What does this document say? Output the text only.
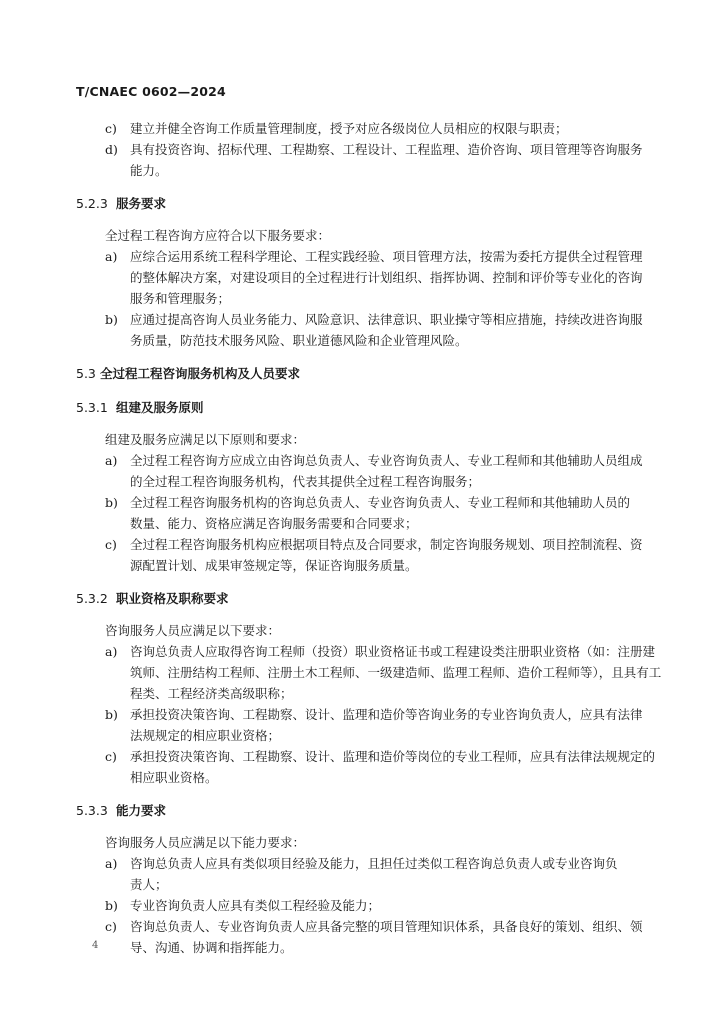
T/CNAEC 0602—2024
c) 建立并健全咨询工作质量管理制度，授予对应各级岗位人员相应的权限与职责；
d) 具有投资咨询、招标代理、工程勘察、工程设计、工程监理、造价咨询、项目管理等咨询服务
能力。
5.2.3 服务要求
全过程工程咨询方应符合以下服务要求：
a) 应综合运用系统工程科学理论、工程实践经验、项目管理方法，按需为委托方提供全过程管理
的整体解决方案，对建设项目的全过程进行计划组织、指挥协调、控制和评价等专业化的咨询
服务和管理服务；
b) 应通过提高咨询人员业务能力、风险意识、法律意识、职业操守等相应措施，持续改进咨询服
务质量，防范技术服务风险、职业道德风险和企业管理风险。
5.3 全过程工程咨询服务机构及人员要求
5.3.1 组建及服务原则
组建及服务应满足以下原则和要求：
a) 全过程工程咨询方应成立由咨询总负责人、专业咨询负责人、专业工程师和其他辅助人员组成
的全过程工程咨询服务机构，代表其提供全过程工程咨询服务；
b) 全过程工程咨询服务机构的咨询总负责人、专业咨询负责人、专业工程师和其他辅助人员的
数量、能力、资格应满足咨询服务需要和合同要求；
c) 全过程工程咨询服务机构应根据项目特点及合同要求，制定咨询服务规划、项目控制流程、资
源配置计划、成果审签规定等，保证咨询服务质量。
5.3.2 职业资格及职称要求
咨询服务人员应满足以下要求：
a) 咨询总负责人应取得咨询工程师（投资）职业资格证书或工程建设类注册职业资格（如：注册建
筑师、注册结构工程师、注册土木工程师、一级建造师、监理工程师、造价工程师等），且具有工
程类、工程经济类高级职称；
b) 承担投资决策咨询、工程勘察、设计、监理和造价等咨询业务的专业咨询负责人，应具有法律
法规规定的相应职业资格；
c) 承担投资决策咨询、工程勘察、设计、监理和造价等岗位的专业工程师，应具有法律法规规定的
相应职业资格。
5.3.3 能力要求
咨询服务人员应满足以下能力要求：
a) 咨询总负责人应具有类似项目经验及能力，且担任过类似工程咨询总负责人或专业咨询负
责人；
b) 专业咨询负责人应具有类似工程经验及能力；
c) 咨询总负责人、专业咨询负责人应具备完整的项目管理知识体系，具备良好的策划、组织、领
导、沟通、协调和指挥能力。
4
